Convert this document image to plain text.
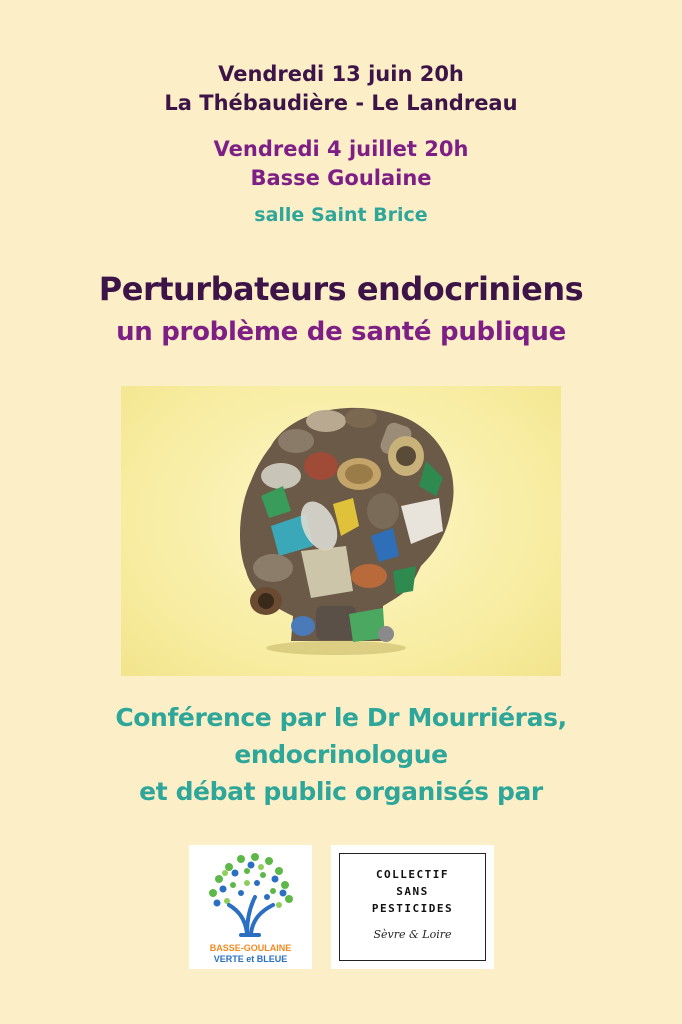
Vendredi 13 juin 20h
La Thébaudière - Le Landreau
Vendredi 4 juillet 20h
Basse Goulaine
salle Saint Brice
Perturbateurs endocriniens
un problème de santé publique
Conférence par le Dr Mourriéras,
endocrinologue
et débat public organisés par
BASSE-GOULAINE
VERTE et BLEUE
COLLECTIF
SANS
PESTICIDES
Sèvre & Loire
